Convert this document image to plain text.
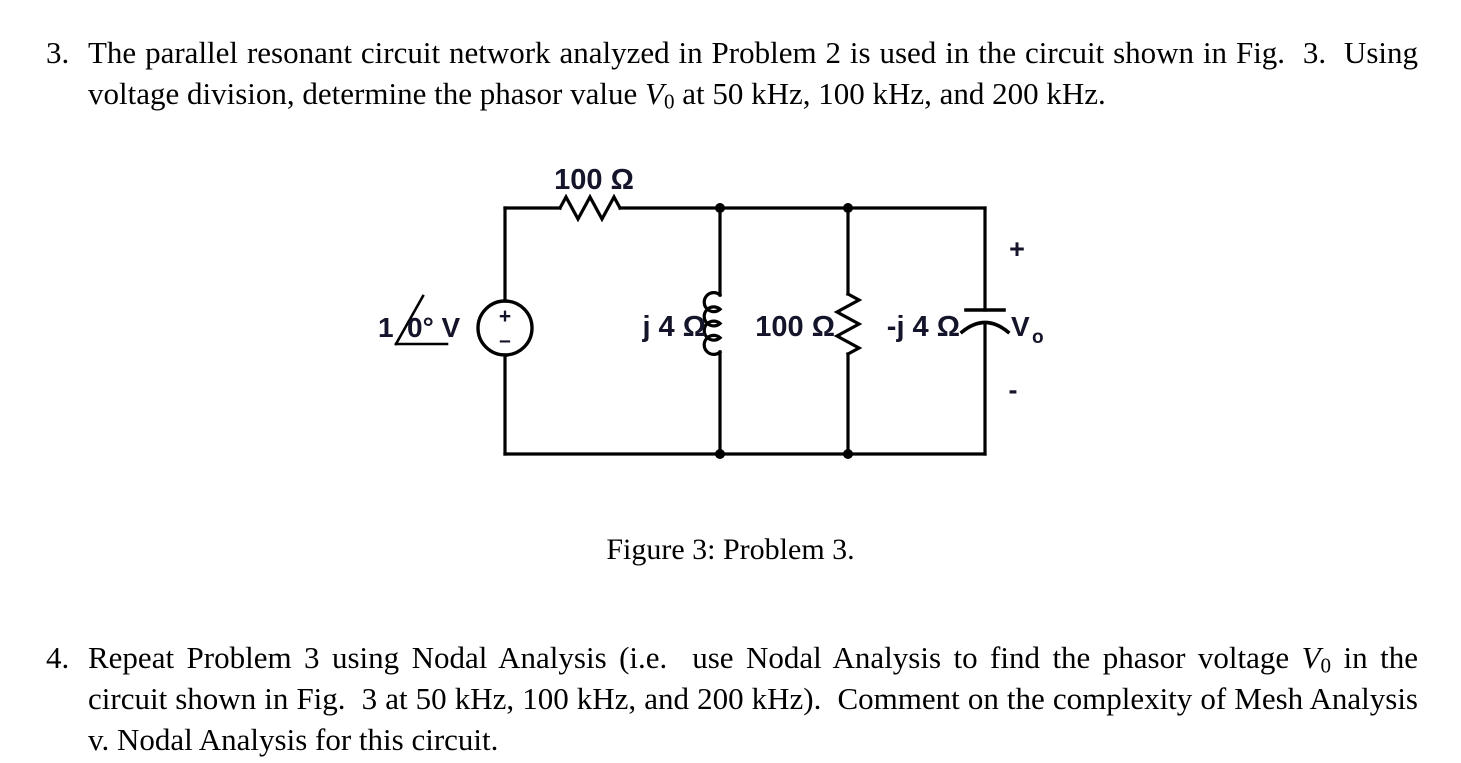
3. The parallel resonant circuit network analyzed in Problem 2 is used in the circuit shown in Fig.  3.  Using voltage division, determine the phasor value $V_0$ at 50 kHz, 100 kHz, and 200 kHz.
+
–
1 0° V
100 Ω
j 4 Ω 100 Ω -j 4 Ω V o
+
-
Figure 3: Problem 3.
4. Repeat Problem 3 using Nodal Analysis (i.e.  use Nodal Analysis to find the phasor voltage $V_0$ in the circuit shown in Fig.  3 at 50 kHz, 100 kHz, and 200 kHz).  Comment on the complexity of Mesh Analysis v. Nodal Analysis for this circuit.
